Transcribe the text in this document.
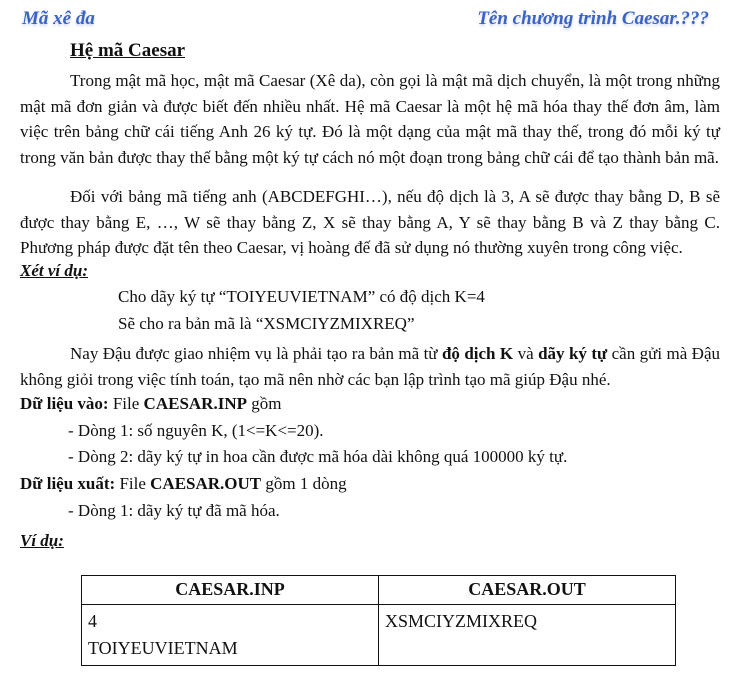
Mã xê đa	Tên chương trình Caesar.???
Hệ mã Caesar

Trong mật mã học, mật mã Caesar (Xê da), còn gọi là mật mã dịch chuyển, là một trong những mật mã đơn giản và được biết đến nhiều nhất. Hệ mã Caesar là một hệ mã hóa thay thế đơn âm, làm việc trên bảng chữ cái tiếng Anh 26 ký tự. Đó là một dạng của mật mã thay thế, trong đó mỗi ký tự trong văn bản được thay thế bằng một ký tự cách nó một đoạn trong bảng chữ cái để tạo thành bản mã.

Đối với bảng mã tiếng anh (ABCDEFGHI…), nếu độ dịch là 3, A sẽ được thay bằng D, B sẽ được thay bằng E, …, W sẽ thay bằng Z, X sẽ thay bằng A, Y sẽ thay bằng B và Z thay bằng C. Phương pháp được đặt tên theo Caesar, vị hoàng đế đã sử dụng nó thường xuyên trong công việc.

Xét ví dụ:
Cho dãy ký tự “TOIYEUVIETNAM” có độ dịch K=4
Sẽ cho ra bản mã là “XSMCIYZMIXREQ”

Nay Đậu được giao nhiệm vụ là phải tạo ra bản mã từ độ dịch K và dãy ký tự cần gửi mà Đậu không giỏi trong việc tính toán, tạo mã nên nhờ các bạn lập trình tạo mã giúp Đậu nhé.

Dữ liệu vào: File CAESAR.INP gồm
- Dòng 1: số nguyên K, (1<=K<=20).
- Dòng 2: dãy ký tự in hoa cần được mã hóa dài không quá 100000 ký tự.
Dữ liệu xuất: File CAESAR.OUT gồm 1 dòng
- Dòng 1: dãy ký tự đã mã hóa.
Ví dụ:
CAESAR.INP	CAESAR.OUT

4
TOIYEUVIETNAM	XSMCIYZMIXREQ
